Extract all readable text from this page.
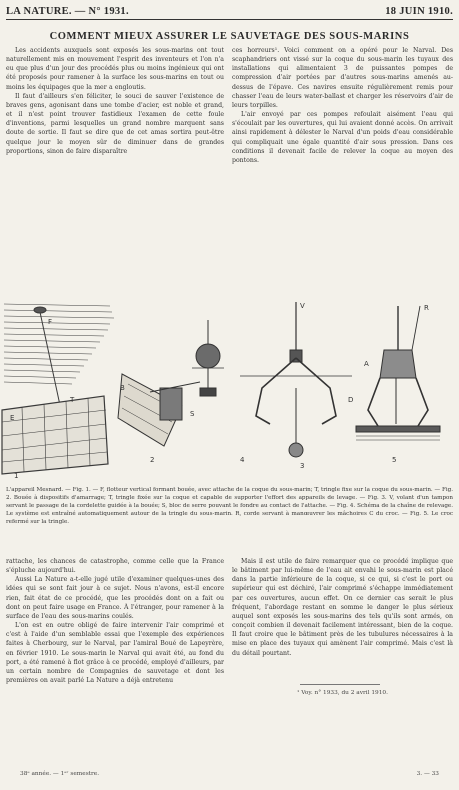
LA NATURE. — N° 1931.	18 JUIN 1910.
COMMENT MIEUX ASSURER LE SAUVETAGE DES SOUS-MARINS

Les accidents auxquels sont exposés les sous-marins ont tout naturellement mis en mouvement l'esprit des inventeurs et l'on n'a eu que plus d'un jour des procédés plus ou moins ingénieux qui ont été proposés pour ramener à la surface les sous-marins en tout ou moins les équipages que la mer a engloutis.

Il faut d'ailleurs s'en féliciter, le souci de sauver l'existence de braves gens, agonisant dans une tombe d'acier, est noble et grand, et il n'est point trouver fastidieux l'examen de cette foule d'inventions, parmi lesquelles un grand nombre marquent sans doute de sortie. Il faut se dire que de cet amas sortira peut-être quelque jour le moyen sûr de diminuer dans de grandes proportions, sinon de faire disparaître

ces horreurs¹. Voici comment on a opéré pour le Narval. Des scaphandriers ont vissé sur la coque du sous-marin les tuyaux des installations qui alimentaient 3 de puissantes pompes de compression d'air portées par d'autres sous-marins amenés au-dessus de l'épave. Ces navires ensuite régulièrement remis pour chasser l'eau de leurs water-ballast et charger les réservoirs d'air de leurs torpilles.

L'air envoyé par ces pompes refoulait aisément l'eau qui s'écoulait par les ouvertures, qui lui avaient donné accès. On arrivait ainsi rapidement à délester le Narval d'un poids d'eau considérable qui compliquait une égale quantité d'air sous pression. Dans ces conditions il devenait facile de relever la coque au moyen des pontons.

E
F
B
S
2
V
3
R
A
D
5
1
T
4
L'appareil Mesnard. — Fig. 1. — F, flotteur vertical formant bouée, avec attache de la coque du sous-marin; T, tringle fixe sur la coque du sous-marin. — Fig. 2. Bouée à dispositifs d'amarrage; T, tringle fixée sur la coque et capable de supporter l'effort des appareils de levage. — Fig. 3. V, volant d'un tampon servant le passage de la cordelette guidée à la bouée; S, bloc de serre pouvant le fondre au contact de l'attache. — Fig. 4. Schéma de la chaîne de relevage. Le système est entraîné automatiquement autour de la tringle du sous-marin. R, corde servant à manœuvrer les mâchoires C du croc. — Fig. 5. Le croc refermé sur la tringle.

rattache, les chances de catastrophe, comme celle que la France s'épluche aujourd'hui.

Aussi La Nature a-t-elle jugé utile d'examiner quelques-unes des idées qui se sont fait jour à ce sujet. Nous n'avons, est-il encore rien, fait état de ce procédé, que les procédés dont on a fait ou dont on peut faire usage en France. À l'étranger, pour ramener à la surface de l'eau des sous-marins coulés.

L'on est en outre obligé de faire intervenir l'air comprimé et c'est à l'aide d'un semblable essai que l'exemple des expériences faites à Cherbourg, sur le Narval, par l'amiral Boué de Lapeyrère, en février 1910. Le sous-marin le Narval qui avait été, au fond du port, a été ramené à flot grâce à ce procédé, employé d'ailleurs, par un certain nombre de Compagnies de sauvetage et dont les premières on avait parlé La Nature a déjà entretenu

Mais il est utile de faire remarquer que ce procédé implique que le bâtiment par lui-même de l'eau ait envahi le sous-marin est placé dans la partie inférieure de la coque, si ce qui, si c'est le port ou supérieur qui est déchiré, l'air comprimé s'échappe immédiatement par ces ouvertures, aucun effet. On ce dernier cas serait le plus fréquent, l'abordage restant en somme le danger le plus sérieux auquel sont exposés les sous-marins des tels qu'ils sont armés, on conçoit combien il devenait facilement intéressant, bien de la coque. Il faut croire que le bâtiment près de les tubulures nécessaires à la mise en place des tuyaux qui amènent l'air comprimé. Mais c'est là du détail pourtant.

¹ Voy. n° 1933, du 2 avril 1910.
38ᵉ année. — 1ᵉʳ semestre.	3. — 33
